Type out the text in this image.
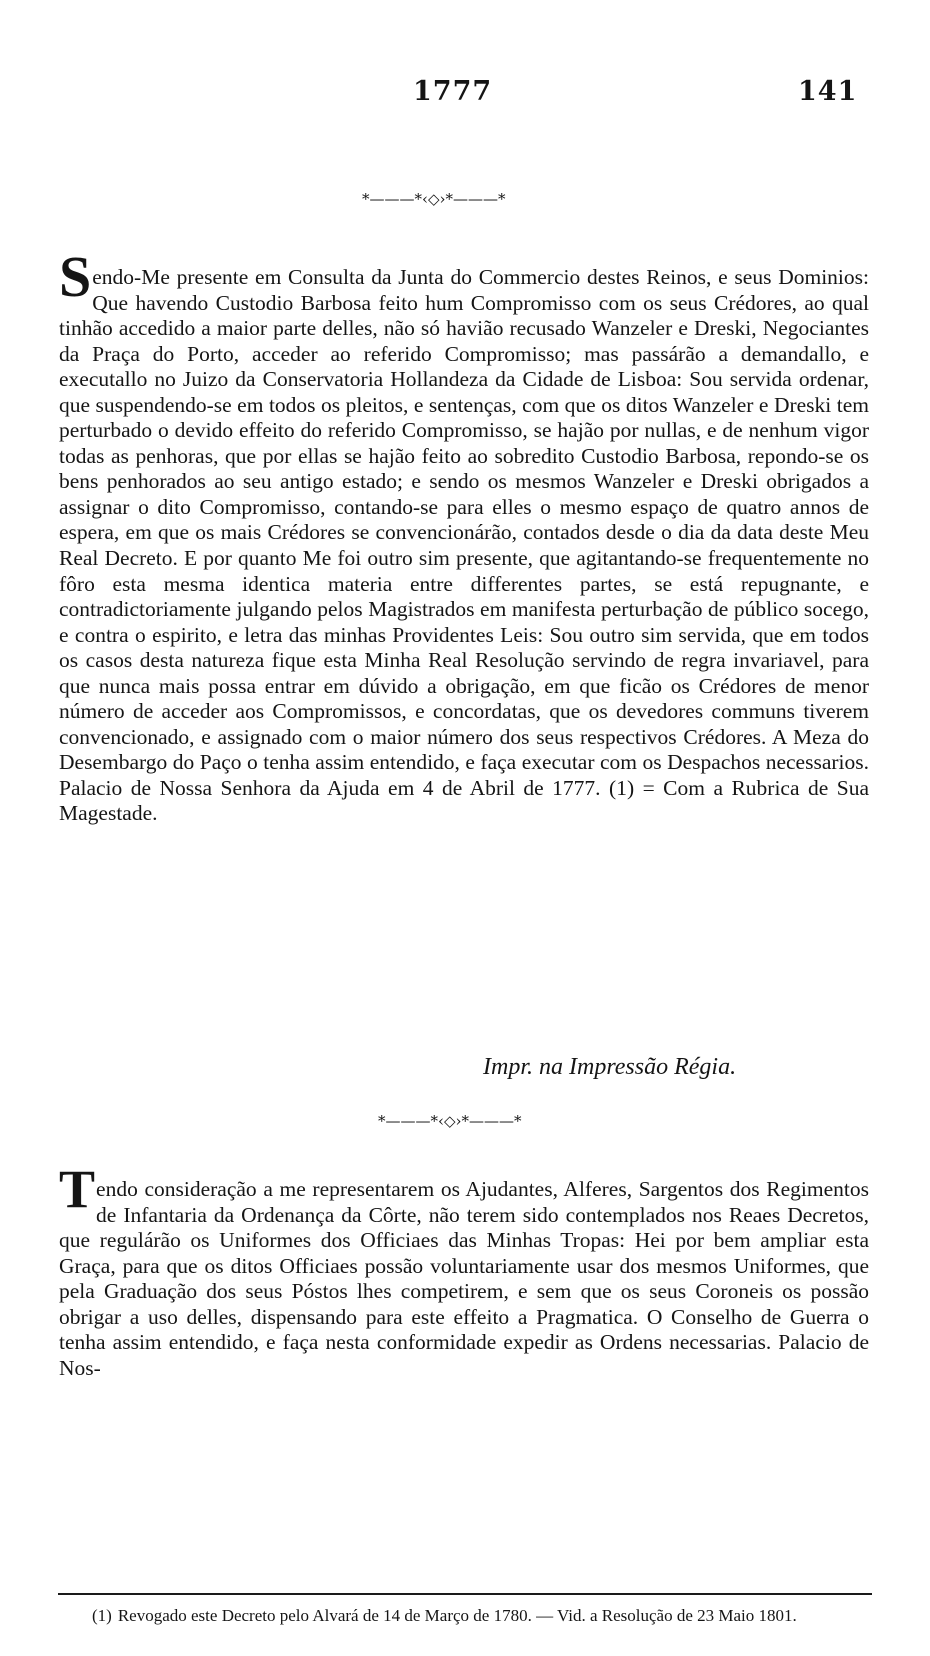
1777	141
*———*‹◇›*———*
Sendo-Me presente em Consulta da Junta do Commercio destes Reinos, e seus Dominios: Que havendo Custodio Barbosa feito hum Compromisso com os seus Crédores, ao qual tinhão accedido a maior parte delles, não só havião recusado Wanzeler e Dreski, Negociantes da Praça do Porto, acceder ao referido Compromisso; mas passárão a demandallo, e executallo no Juizo da Conservatoria Hollandeza da Cidade de Lisboa: Sou servida ordenar, que suspendendo-se em todos os pleitos, e sentenças, com que os ditos Wanzeler e Dreski tem perturbado o devido effeito do referido Compromisso, se hajão por nullas, e de nenhum vigor todas as penhoras, que por ellas se hajão feito ao sobredito Custodio Barbosa, repondo-se os bens penhorados ao seu antigo estado; e sendo os mesmos Wanzeler e Dreski obrigados a assignar o dito Compromisso, contando-se para elles o mesmo espaço de quatro annos de espera, em que os mais Crédores se convencionárão, contados desde o dia da data deste Meu Real Decreto. E por quanto Me foi outro sim presente, que agitantando-se frequentemente no fôro esta mesma identica materia entre differentes partes, se está repugnante, e contradictoriamente julgando pelos Magistrados em manifesta perturbação de público socego, e contra o espirito, e letra das minhas Providentes Leis: Sou outro sim servida, que em todos os casos desta natureza fique esta Minha Real Resolução servindo de regra invariavel, para que nunca mais possa entrar em dúvido a obrigação, em que ficão os Crédores de menor número de acceder aos Compromissos, e concordatas, que os devedores communs tiverem convencionado, e assignado com o maior número dos seus respectivos Crédores. A Meza do Desembargo do Paço o tenha assim entendido, e faça executar com os Despachos necessarios. Palacio de Nossa Senhora da Ajuda em 4 de Abril de 1777. (1) = Com a Rubrica de Sua Magestade.
Impr. na Impressão Régia.
*———*‹◇›*———*
Tendo consideração a me representarem os Ajudantes, Alferes, Sargentos dos Regimentos de Infantaria da Ordenança da Côrte, não terem sido contemplados nos Reaes Decretos, que regulárão os Uniformes dos Officiaes das Minhas Tropas: Hei por bem ampliar esta Graça, para que os ditos Officiaes possão voluntariamente usar dos mesmos Uniformes, que pela Graduação dos seus Póstos lhes competirem, e sem que os seus Coroneis os possão obrigar a uso delles, dispensando para este effeito a Pragmatica. O Conselho de Guerra o tenha assim entendido, e faça nesta conformidade expedir as Ordens necessarias. Palacio de Nos-
(1) Revogado este Decreto pelo Alvará de 14 de Março de 1780. — Vid. a Resolução de 23 Maio 1801.
